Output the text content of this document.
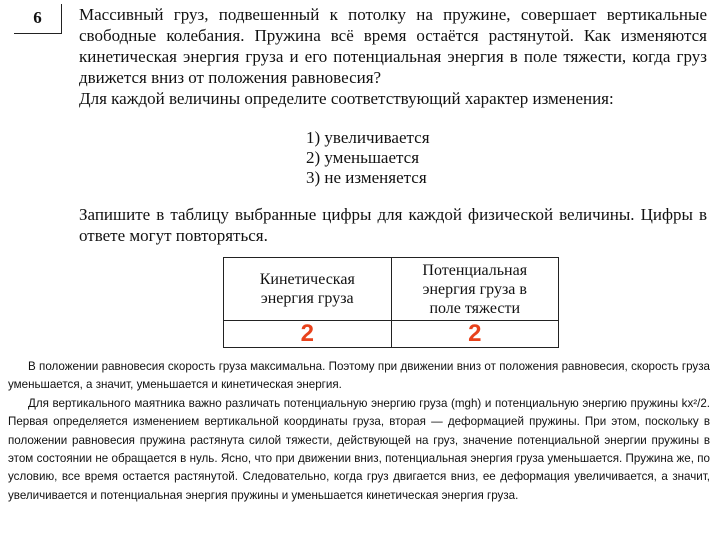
6	Массивный груз, подвешенный к потолку на пружине, совершает вертикальные свободные колебания. Пружина всё время остаётся растянутой. Как изменяются кинетическая энергия груза и его потенциальная энергия в поле тяжести, когда груз движется вниз от положения равновесия?

Для каждой величины определите соответствующий характер изменения:

1) увеличивается
2) уменьшается
3) не изменяется

Запишите в таблицу выбранные цифры для каждой физической величины. Цифры в ответе могут повторяться.

Кинетическая энергия груза	Потенциальная энергия груза в поле тяжести
2	2

В положении равновесия скорость груза максимальна. Поэтому при движении вниз от положения равновесия, скорость груза уменьшается, а значит, уменьшается и кинетическая энергия.

Для вертикального маятника важно различать потенциальную энергию груза (mgh) и потенциальную энергию пружины kx²/2. Первая определяется изменением вертикальной координаты груза, вторая — деформацией пружины. При этом, поскольку в положении равновесия пружина растянута силой тяжести, действующей на груз, значение потенциальной энергии пружины в этом состоянии не обращается в нуль. Ясно, что при движении вниз, потенциальная энергия груза уменьшается. Пружина же, по условию, все время остается растянутой. Следовательно, когда груз двигается вниз, ее деформация увеличивается, а значит, увеличивается и потенциальная энергия пружины и уменьшается кинетическая энергия груза.
